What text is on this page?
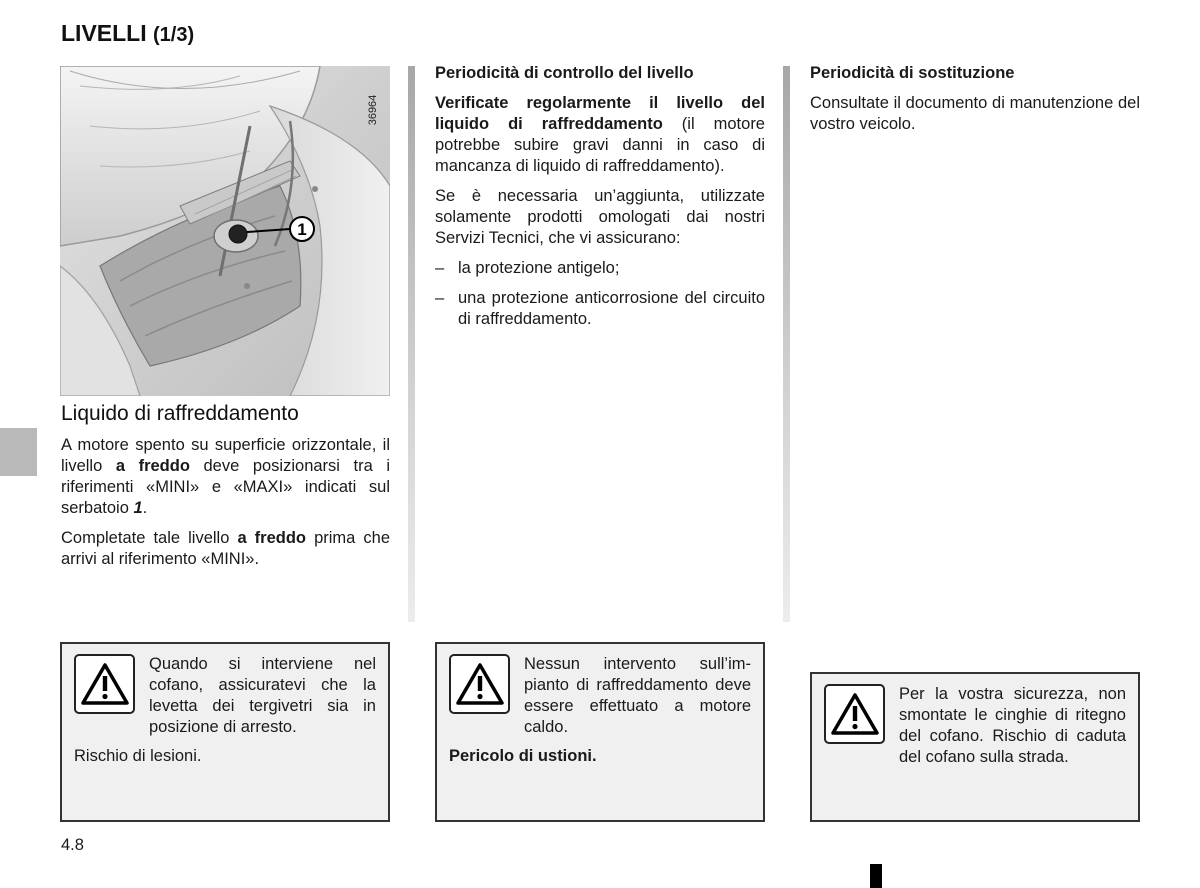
LIVELLI (1/3)
1
36964
Liquido di raffreddamento

A motore spento su superficie orizzontale, il livello a freddo deve posizionarsi tra i riferimenti «MINI» e «MAXI» indicati sul serbatoio 1.

Completate tale livello a freddo prima che arrivi al riferimento «MINI».

Quando si interviene nel cofano, assicuratevi che la levetta dei tergivetri sia in posizione di arresto.

Rischio di lesioni.

Periodicità di controllo del livello

Verificate regolarmente il livello del liquido di raffreddamento (il motore potrebbe subire gravi danni in caso di mancanza di liquido di raffreddamento).

Se è necessaria un’aggiunta, utilizzate solamente prodotti omologati dai nostri Servizi Tecnici, che vi assicurano:

– la protezione antigelo;
– una protezione anticorrosione del circuito di raffreddamento.

Nessun intervento sull’impianto di raffreddamento deve essere effettuato a motore caldo.

Pericolo di ustioni.

Periodicità di sostituzione

Consultate il documento di manutenzione del vostro veicolo.

Per la vostra sicurezza, non smontate le cinghie di ritegno del cofano. Rischio di caduta del cofano sulla strada.

4.8
